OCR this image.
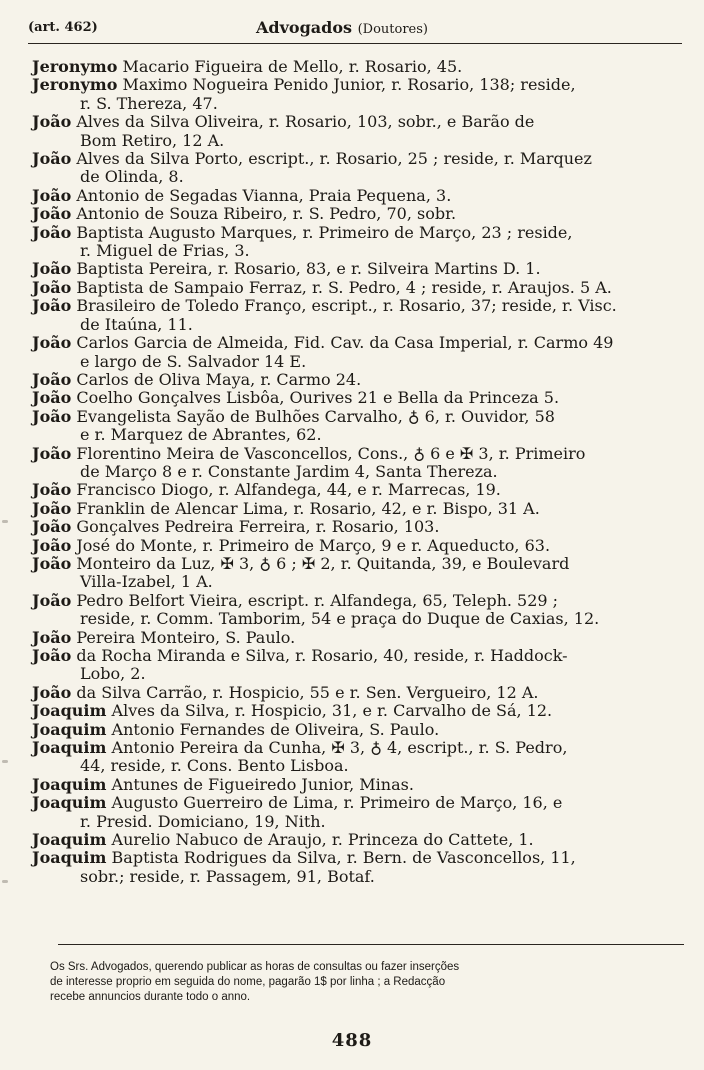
(art. 462)	Advogados (Doutores)
Jeronymo Macario Figueira de Mello, r. Rosario, 45.
Jeronymo Maximo Nogueira Penido Junior, r. Rosario, 138; reside,
r. S. Thereza, 47.
João Alves da Silva Oliveira, r. Rosario, 103, sobr., e Barão de
Bom Retiro, 12 A.
João Alves da Silva Porto, escript., r. Rosario, 25 ; reside, r. Marquez
de Olinda, 8.
João Antonio de Segadas Vianna, Praia Pequena, 3.
João Antonio de Souza Ribeiro, r. S. Pedro, 70, sobr.
João Baptista Augusto Marques, r. Primeiro de Março, 23 ; reside,
r. Miguel de Frias, 3.
João Baptista Pereira, r. Rosario, 83, e r. Silveira Martins D. 1.
João Baptista de Sampaio Ferraz, r. S. Pedro, 4 ; reside, r. Araujos. 5 A.
João Brasileiro de Toledo Franço, escript., r. Rosario, 37; reside, r. Visc.
de Itaúna, 11.
João Carlos Garcia de Almeida, Fid. Cav. da Casa Imperial, r. Carmo 49
e largo de S. Salvador 14 E.
João Carlos de Oliva Maya, r. Carmo 24.
João Coelho Gonçalves Lisbôa, Ourives 21 e Bella da Princeza 5.
João Evangelista Sayão de Bulhões Carvalho, ♁ 6, r. Ouvidor, 58
e r. Marquez de Abrantes, 62.
João Florentino Meira de Vasconcellos, Cons., ♁ 6 e ✠ 3, r. Primeiro
de Março 8 e r. Constante Jardim 4, Santa Thereza.
João Francisco Diogo, r. Alfandega, 44, e r. Marrecas, 19.
João Franklin de Alencar Lima, r. Rosario, 42, e r. Bispo, 31 A.
João Gonçalves Pedreira Ferreira, r. Rosario, 103.
João José do Monte, r. Primeiro de Março, 9 e r. Aqueducto, 63.
João Monteiro da Luz, ✠ 3, ♁ 6 ; ✠ 2, r. Quitanda, 39, e Boulevard
Villa-Izabel, 1 A.
João Pedro Belfort Vieira, escript. r. Alfandega, 65, Teleph. 529 ;
reside, r. Comm. Tamborim, 54 e praça do Duque de Caxias, 12.
João Pereira Monteiro, S. Paulo.
João da Rocha Miranda e Silva, r. Rosario, 40, reside, r. Haddock-
Lobo, 2.
João da Silva Carrão, r. Hospicio, 55 e r. Sen. Vergueiro, 12 A.
Joaquim Alves da Silva, r. Hospicio, 31, e r. Carvalho de Sá, 12.
Joaquim Antonio Fernandes de Oliveira, S. Paulo.
Joaquim Antonio Pereira da Cunha, ✠ 3, ♁ 4, escript., r. S. Pedro,
44, reside, r. Cons. Bento Lisboa.
Joaquim Antunes de Figueiredo Junior, Minas.
Joaquim Augusto Guerreiro de Lima, r. Primeiro de Março, 16, e
r. Presid. Domiciano, 19, Nith.
Joaquim Aurelio Nabuco de Araujo, r. Princeza do Cattete, 1.
Joaquim Baptista Rodrigues da Silva, r. Bern. de Vasconcellos, 11,
sobr.; reside, r. Passagem, 91, Botaf.
Os Srs. Advogados, querendo publicar as horas de consultas ou fazer inserções
de interesse proprio em seguida do nome, pagarão 1$ por linha ; a Redacção
recebe annuncios durante todo o anno.
488
